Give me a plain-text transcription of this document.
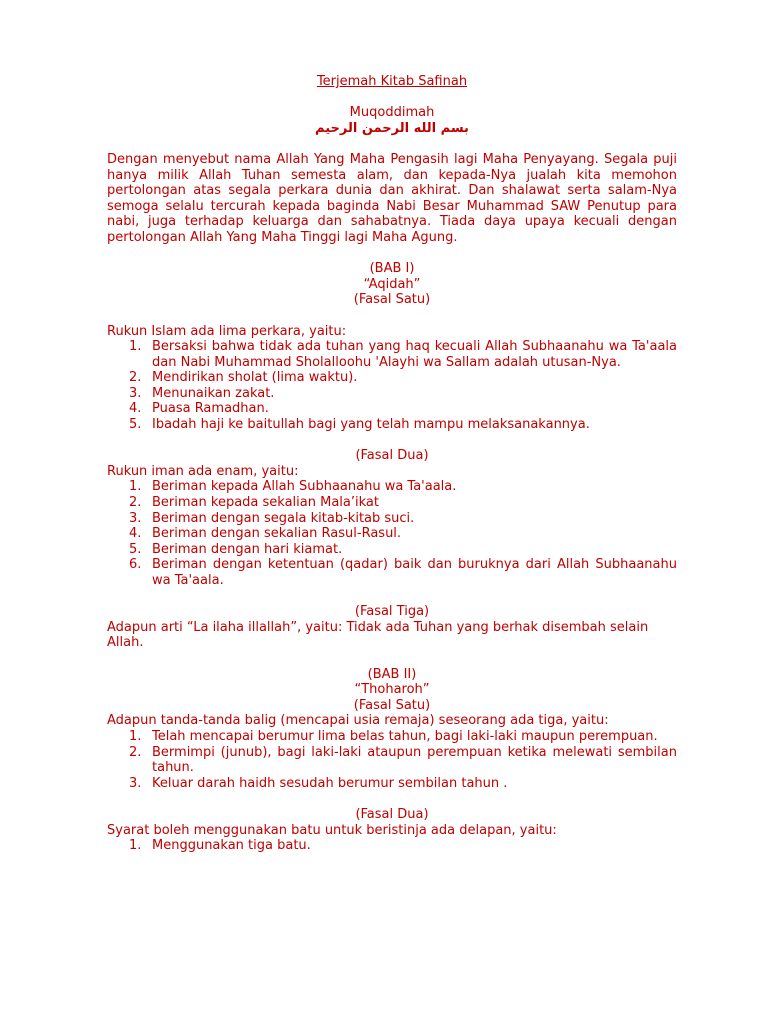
Terjemah Kitab Safinah
Muqoddimah
بسم الله الرحمن الرحيم
Dengan menyebut nama Allah Yang Maha Pengasih lagi Maha Penyayang. Segala puji hanya milik Allah Tuhan semesta alam, dan kepada-Nya jualah kita memohon pertolongan atas segala perkara dunia dan akhirat. Dan shalawat serta salam-Nya semoga selalu tercurah kepada baginda Nabi Besar Muhammad SAW Penutup para nabi, juga terhadap keluarga dan sahabatnya. Tiada daya upaya kecuali dengan pertolongan Allah Yang Maha Tinggi lagi Maha Agung.
(BAB I)
“Aqidah”
(Fasal Satu)
Rukun Islam ada lima perkara, yaitu:
1. Bersaksi bahwa tidak ada tuhan yang haq kecuali Allah Subhaanahu wa Ta'aala dan Nabi Muhammad Sholalloohu 'Alayhi wa Sallam adalah utusan-Nya.
2. Mendirikan sholat (lima waktu).
3. Menunaikan zakat.
4. Puasa Ramadhan.
5. Ibadah haji ke baitullah bagi yang telah mampu melaksanakannya.
(Fasal Dua)
Rukun iman ada enam, yaitu:
1. Beriman kepada Allah Subhaanahu wa Ta'aala.
2. Beriman kepada sekalian Mala’ikat
3. Beriman dengan segala kitab-kitab suci.
4. Beriman dengan sekalian Rasul-Rasul.
5. Beriman dengan hari kiamat.
6. Beriman dengan ketentuan (qadar) baik dan buruknya dari Allah Subhaanahu wa Ta'aala.
(Fasal Tiga)
Adapun arti “La ilaha illallah”, yaitu: Tidak ada Tuhan yang berhak disembah selain Allah.
(BAB II)
“Thoharoh”
(Fasal Satu)
Adapun tanda-tanda balig (mencapai usia remaja) seseorang ada tiga, yaitu:
1. Telah mencapai berumur lima belas tahun, bagi laki-laki maupun perempuan.
2. Bermimpi (junub), bagi laki-laki ataupun perempuan ketika melewati sembilan tahun.
3. Keluar darah haidh sesudah berumur sembilan tahun .
(Fasal Dua)
Syarat boleh menggunakan batu untuk beristinja ada delapan, yaitu:
1. Menggunakan tiga batu.
